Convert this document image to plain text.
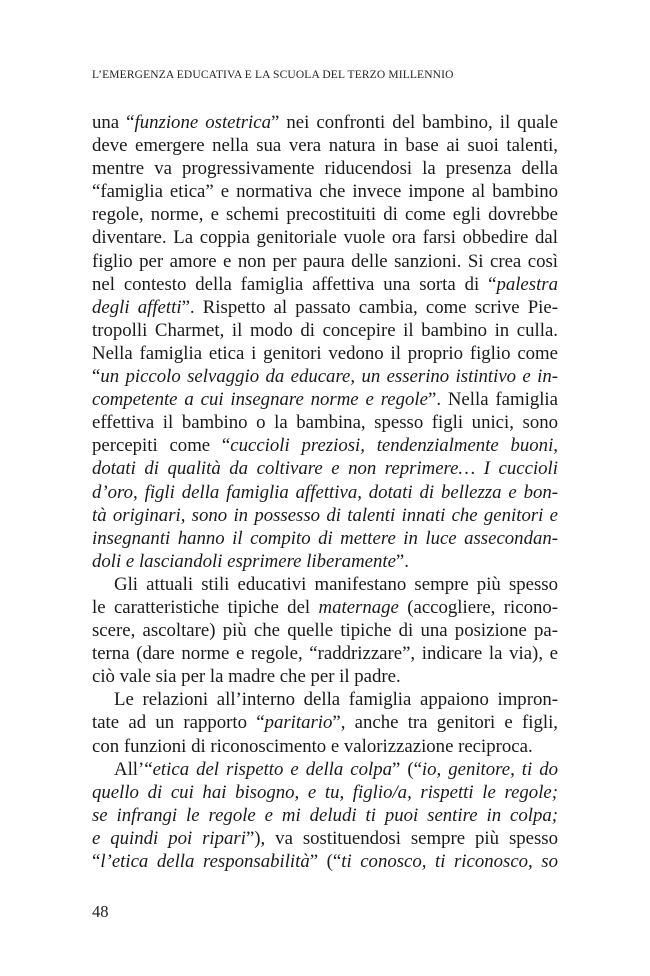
L’EMERGENZA EDUCATIVA E LA SCUOLA DEL TERZO MILLENNIO
una “funzione ostetrica” nei confronti del bambino, il quale
deve emergere nella sua vera natura in base ai suoi talenti,
mentre va progressivamente riducendosi la presenza della
“famiglia etica” e normativa che invece impone al bambino
regole, norme, e schemi precostituiti di come egli dovrebbe
diventare. La coppia genitoriale vuole ora farsi obbedire dal
figlio per amore e non per paura delle sanzioni. Si crea così
nel contesto della famiglia affettiva una sorta di “palestra
degli affetti”. Rispetto al passato cambia, come scrive Pie-
tropolli Charmet, il modo di concepire il bambino in culla.
Nella famiglia etica i genitori vedono il proprio figlio come
“un piccolo selvaggio da educare, un esserino istintivo e in-
competente a cui insegnare norme e regole”. Nella famiglia
effettiva il bambino o la bambina, spesso figli unici, sono
percepiti come “cuccioli preziosi, tendenzialmente buoni,
dotati di qualità da coltivare e non reprimere… I cuccioli
d’oro, figli della famiglia affettiva, dotati di bellezza e bon-
tà originari, sono in possesso di talenti innati che genitori e
insegnanti hanno il compito di mettere in luce assecondan-
doli e lasciandoli esprimere liberamente”.
Gli attuali stili educativi manifestano sempre più spesso
le caratteristiche tipiche del maternage (accogliere, ricono-
scere, ascoltare) più che quelle tipiche di una posizione pa-
terna (dare norme e regole, “raddrizzare”, indicare la via), e
ciò vale sia per la madre che per il padre.
Le relazioni all’interno della famiglia appaiono impron-
tate ad un rapporto “paritario”, anche tra genitori e figli,
con funzioni di riconoscimento e valorizzazione reciproca.
All’“etica del rispetto e della colpa” (“io, genitore, ti do
quello di cui hai bisogno, e tu, figlio/a, rispetti le regole;
se infrangi le regole e mi deludi ti puoi sentire in colpa;
e quindi poi ripari”), va sostituendosi sempre più spesso
“l’etica della responsabilità” (“ti conosco, ti riconosco, so
48
